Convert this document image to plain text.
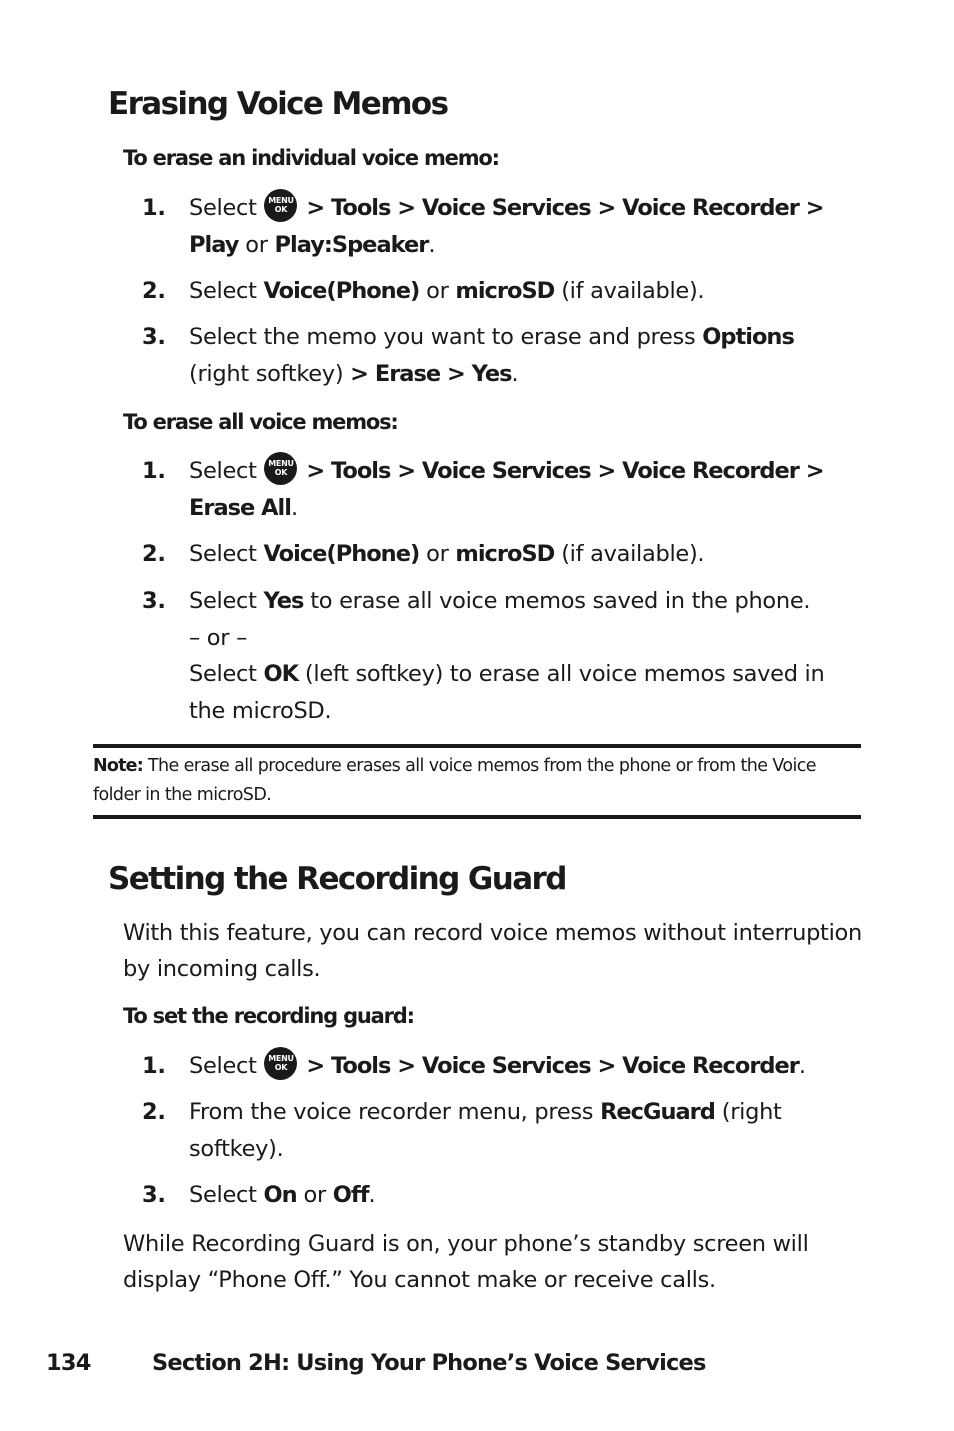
Erasing Voice Memos
To erase an individual voice memo:
1.	Select	MENU
OK > Tools > Voice Services > Voice Recorder >
Play or Play:Speaker.
2.	Select Voice(Phone) or microSD (if available).
3.	Select the memo you want to erase and press Options
(right softkey) > Erase > Yes.
To erase all voice memos:
1.	Select	MENU
OK > Tools > Voice Services > Voice Recorder >
Erase All.
2.	Select Voice(Phone) or microSD (if available).
3.	Select Yes to erase all voice memos saved in the phone.
– or –
Select OK (left softkey) to erase all voice memos saved in the microSD.
Note: The erase all procedure erases all voice memos from the phone or from the Voice folder in the microSD.
Setting the Recording Guard
With this feature, you can record voice memos without interruption by incoming calls.
To set the recording guard:
1.	Select	MENU
OK > Tools > Voice Services > Voice Recorder.
2.	From the voice recorder menu, press RecGuard (right softkey).
3.	Select On or Off.
While Recording Guard is on, your phone’s standby screen will display “Phone Off.” You cannot make or receive calls.
134	Section 2H: Using Your Phone’s Voice Services
